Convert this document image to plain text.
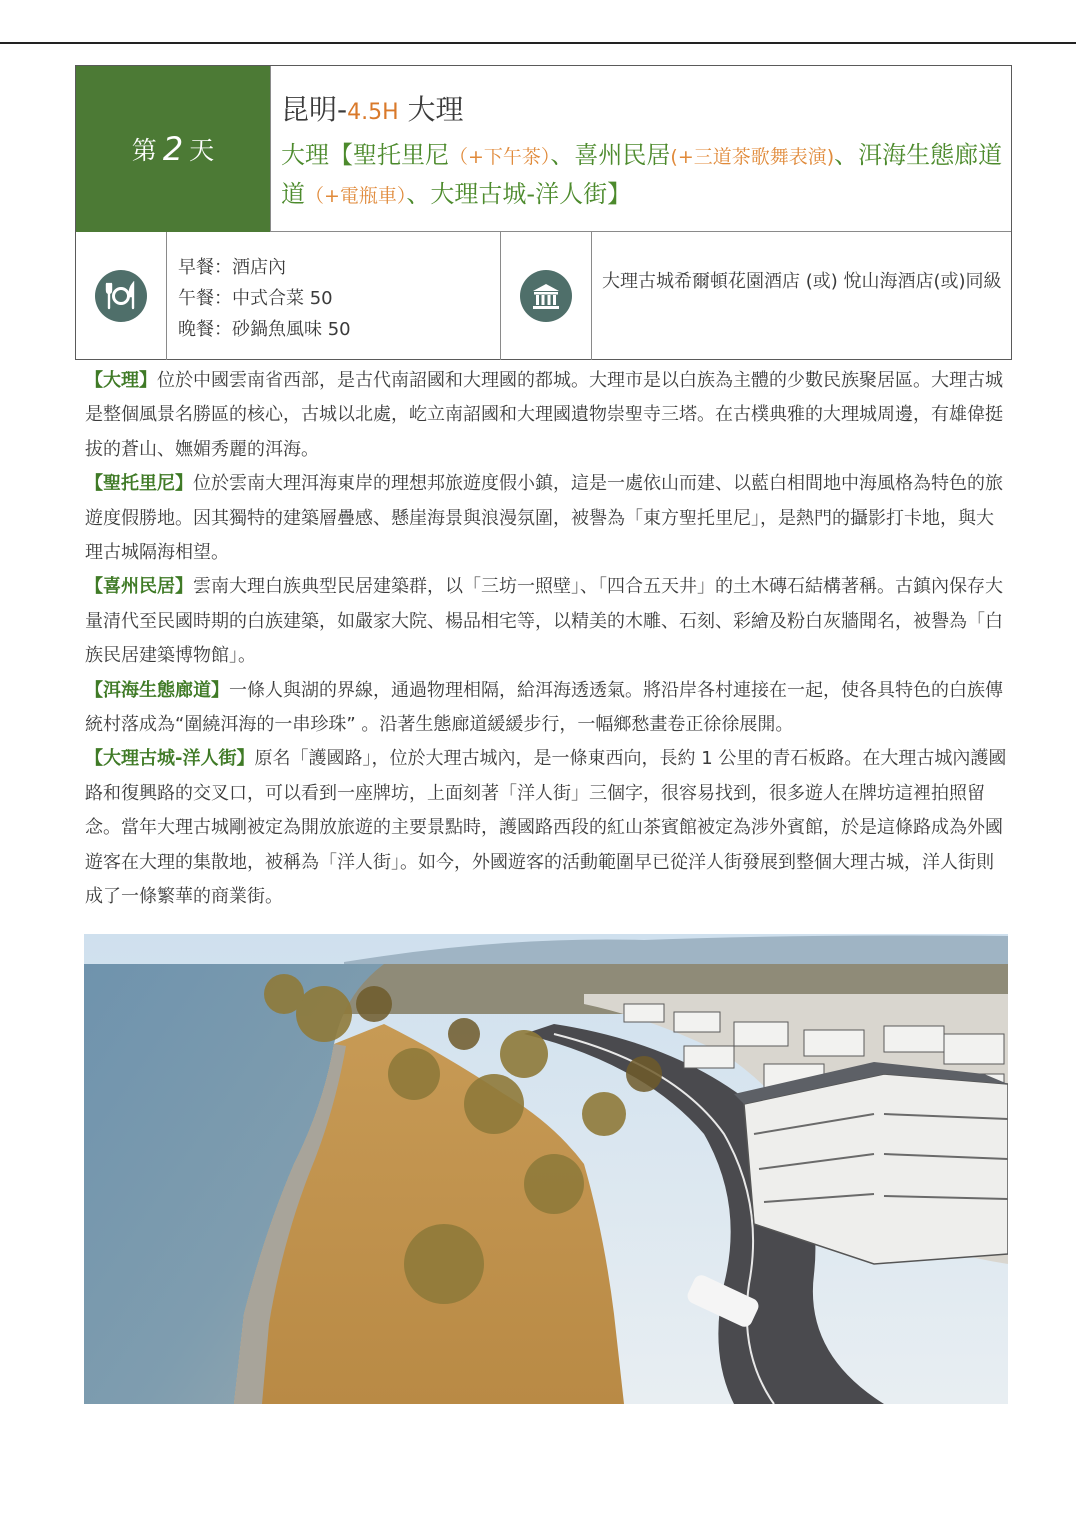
第 2 天
昆明-4.5H 大理
大理【聖托里尼（+下午茶）、喜州民居(+三道茶歌舞表演)、洱海生態廊道道（+電瓶車）、大理古城-洋人街】
早餐：酒店內
午餐：中式合菜 50
晚餐：砂鍋魚風味 50
大理古城希爾頓花園酒店 (或) 悅山海酒店(或)同級

【大理】位於中國雲南省西部，是古代南詔國和大理國的都城。大理市是以白族為主體的少數民族聚居區。大理古城是整個風景名勝區的核心，古城以北處，屹立南詔國和大理國遺物崇聖寺三塔。在古樸典雅的大理城周邊，有雄偉挺拔的蒼山、嫵媚秀麗的洱海。

【聖托里尼】位於雲南大理洱海東岸的理想邦旅遊度假小鎮，這是一處依山而建、以藍白相間地中海風格為特色的旅遊度假勝地。因其獨特的建築層疊感、懸崖海景與浪漫氛圍，被譽為「東方聖托里尼」，是熱門的攝影打卡地，與大理古城隔海相望。

【喜州民居】雲南大理白族典型民居建築群，以「三坊一照壁」、「四合五天井」的土木磚石結構著稱。古鎮內保存大量清代至民國時期的白族建築，如嚴家大院、楊品相宅等，以精美的木雕、石刻、彩繪及粉白灰牆聞名，被譽為「白族民居建築博物館」。

【洱海生態廊道】一條人與湖的界線，通過物理相隔，給洱海透透氣。將沿岸各村連接在一起，使各具特色的白族傳統村落成為“圍繞洱海的一串珍珠” 。沿著生態廊道緩緩步行，一幅鄉愁畫卷正徐徐展開。

【大理古城-洋人街】原名「護國路」，位於大理古城內，是一條東西向，長約 1 公里的青石板路。在大理古城內護國路和復興路的交叉口，可以看到一座牌坊，上面刻著「洋人街」三個字，很容易找到，很多遊人在牌坊這裡拍照留念。當年大理古城剛被定為開放旅遊的主要景點時，護國路西段的紅山茶賓館被定為涉外賓館，於是這條路成為外國遊客在大理的集散地，被稱為「洋人街」。如今，外國遊客的活動範圍早已從洋人街發展到整個大理古城，洋人街則成了一條繁華的商業街。
